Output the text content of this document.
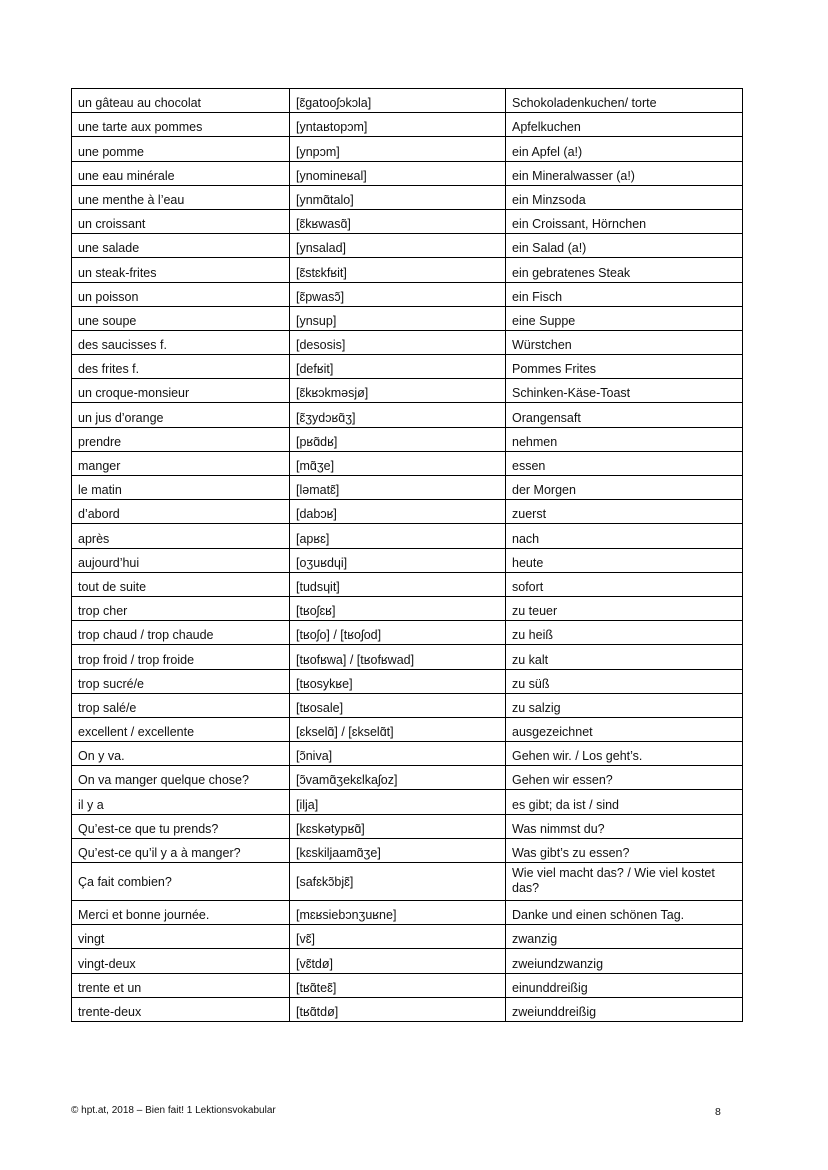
un gâteau au chocolat	[ɛ̃gatooʃɔkɔla]	Schokoladenkuchen/ torte
une tarte aux pommes	[yntaʁtopɔm]	Apfelkuchen
une pomme	[ynpɔm]	ein Apfel (a!)
une eau minérale	[ynomineʁal]	ein Mineralwasser (a!)
une menthe à l’eau	[ynmɑ̃talo]	ein Minzsoda
un croissant	[ɛ̃kʁwasɑ̃]	ein Croissant, Hörnchen
une salade	[ynsalad]	ein Salad (a!)
un steak-frites	[ɛ̃stɛkfʁit]	ein gebratenes Steak
un poisson	[ɛ̃pwasɔ̃]	ein Fisch
une soupe	[ynsup]	eine Suppe
des saucisses f.	[desosis]	Würstchen
des frites f.	[defʁit]	Pommes Frites
un croque-monsieur	[ɛ̃kʁɔkməsjø]	Schinken-Käse-Toast
un jus d’orange	[ɛ̃ʒydɔʁɑ̃ʒ]	Orangensaft
prendre	[pʁɑ̃dʁ]	nehmen
manger	[mɑ̃ʒe]	essen
le matin	[ləmatɛ̃]	der Morgen
d’abord	[dabɔʁ]	zuerst
après	[apʁɛ]	nach
aujourd’hui	[oʒuʁdɥi]	heute
tout de suite	[tudsɥit]	sofort
trop cher	[tʁoʃɛʁ]	zu teuer
trop chaud / trop chaude	[tʁoʃo] / [tʁoʃod]	zu heiß
trop froid / trop froide	[tʁofʁwa] / [tʁofʁwad]	zu kalt
trop sucré/e	[tʁosykʁe]	zu süß
trop salé/e	[tʁosale]	zu salzig
excellent / excellente	[ɛkselɑ̃] / [ɛkselɑ̃t]	ausgezeichnet
On y va.	[ɔ̃niva]	Gehen wir. / Los geht’s.
On va manger quelque chose?	[ɔ̃vamɑ̃ʒekɛlkaʃoz]	Gehen wir essen?
il y a	[ilja]	es gibt; da ist / sind
Qu’est-ce que tu prends?	[kɛskətypʁɑ̃]	Was nimmst du?
Qu’est-ce qu’il y a à manger?	[kɛskiljaamɑ̃ʒe]	Was gibt’s zu essen?
Ça fait combien?	[safɛkɔ̃bjɛ̃]	Wie viel macht das? / Wie viel kostet das?
Merci et bonne journée.	[mɛʁsiebɔnʒuʁne]	Danke und einen schönen Tag.
vingt	[vɛ̃]	zwanzig
vingt-deux	[vɛ̃tdø]	zweiundzwanzig
trente et un	[tʁɑ̃teɛ̃]	einunddreißig
trente-deux	[tʁɑ̃tdø]	zweiunddreißig
© hpt.at, 2018 – Bien fait! 1 Lektionsvokabular	8
